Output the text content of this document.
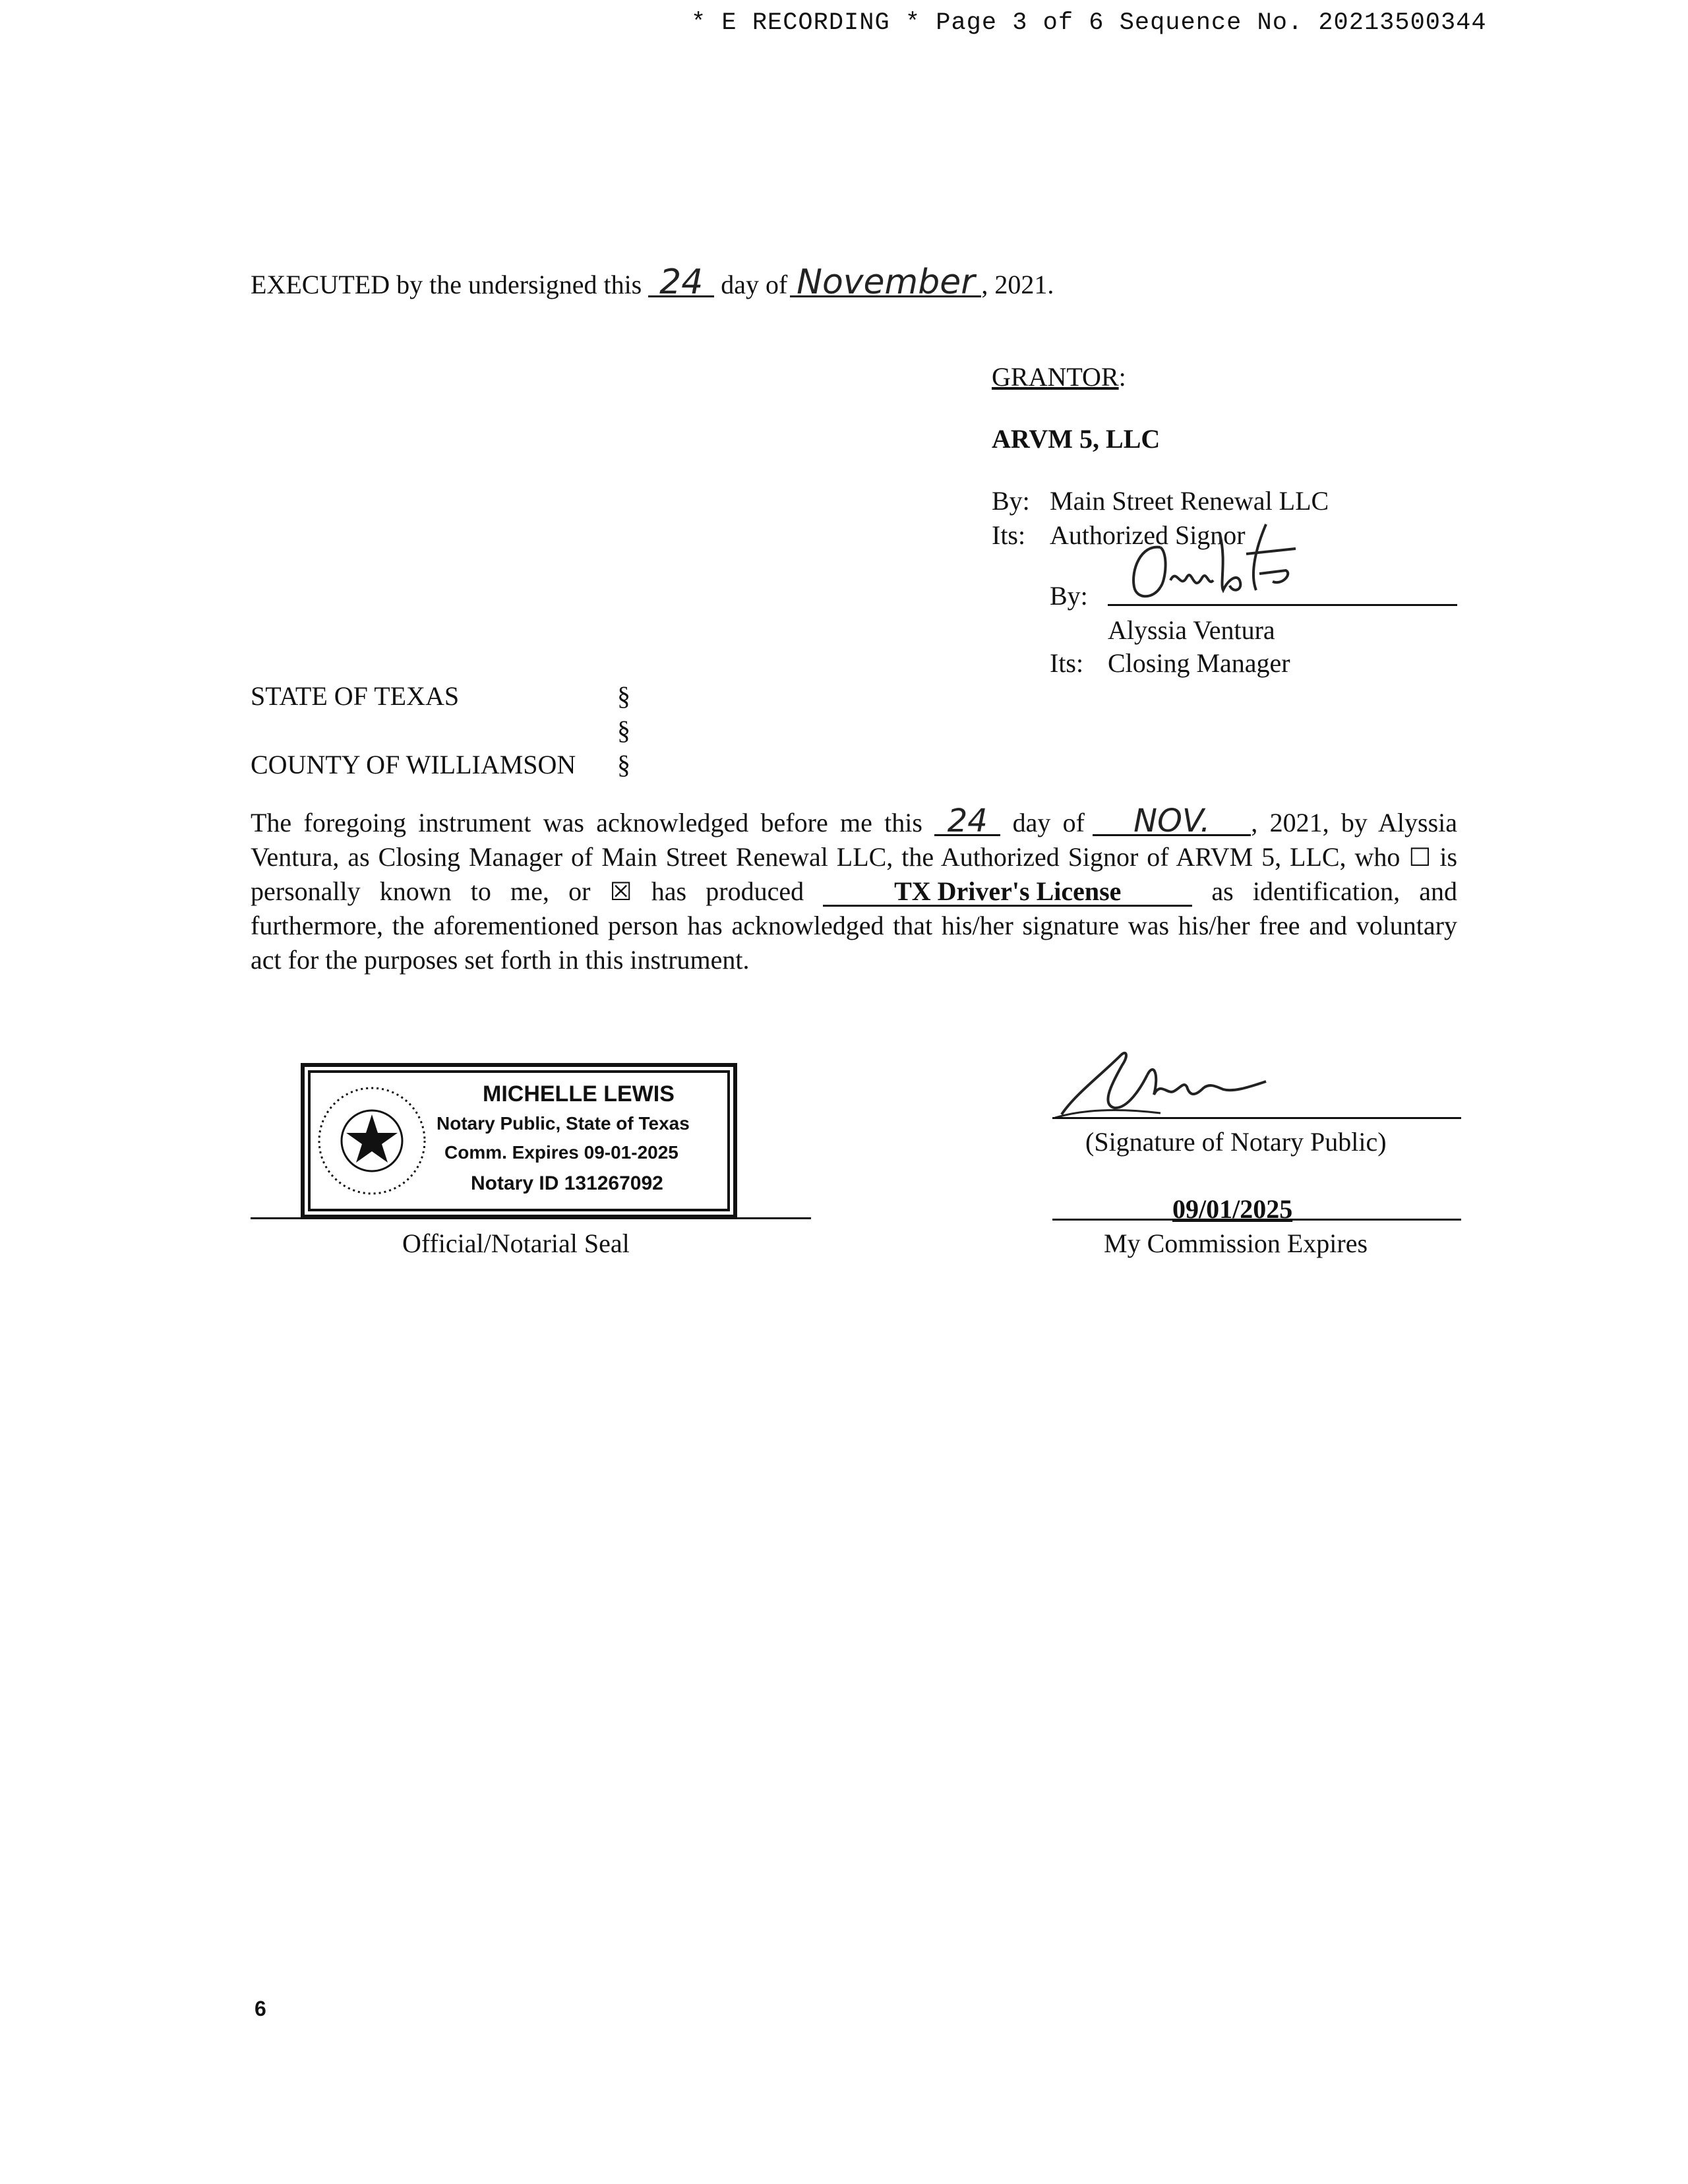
* E RECORDING * Page 3 of 6 Sequence No. 20213500344
EXECUTED by the undersigned this 24 day of November , 2021.
GRANTOR:
ARVM 5, LLC
By: Main Street Renewal LLC
Its: Authorized Signor
By:
Alyssia Ventura
Its: Closing Manager
STATE OF TEXAS
COUNTY OF WILLIAMSON
§
§
§
The foregoing instrument was acknowledged before me this 24 day of NOV. , 2021, by Alyssia Ventura, as Closing Manager of Main Street Renewal LLC, the Authorized Signor of ARVM 5, LLC, who ☐ is personally known to me, or ☒ has produced	TX Driver's License	as identification, and furthermore, the aforementioned person has acknowledged that his/her signature was his/her free and voluntary act for the purposes set forth in this instrument.
MICHELLE LEWIS
Notary Public, State of Texas
Comm. Expires 09-01-2025
Notary ID 131267092
Official/Notarial Seal
(Signature of Notary Public)
09/01/2025
My Commission Expires
6
